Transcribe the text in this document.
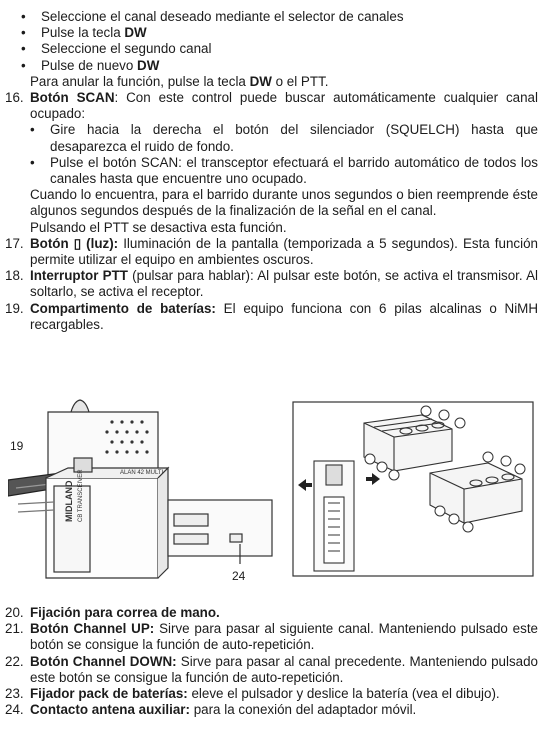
• Seleccione el canal deseado mediante el selector de canales
• Pulse la tecla DW
• Seleccione el segundo canal
• Pulse de nuevo DW
Para anular la función, pulse la tecla DW o el PTT.
16. Botón SCAN: Con este control puede buscar automáticamente cualquier canal ocupado:
• Gire hacia la derecha el botón del silenciador (SQUELCH) hasta que desaparezca el ruido de fondo.
• Pulse el botón SCAN: el transceptor efectuará el barrido automático de todos los canales hasta que encuentre uno ocupado.
Cuando lo encuentra, para el barrido durante unos segundos o bien reemprende éste algunos segundos después de la finalización de la señal en el canal.
Pulsando el PTT se desactiva esta función.
17. Botón ▯ (luz): Iluminación de la pantalla (temporizada a 5 segundos). Esta función permite utilizar el equipo en ambientes oscuros.
18. Interruptor PTT (pulsar para hablar): Al pulsar este botón, se activa el transmisor. Al soltarlo, se activa el receptor.
19. Compartimento de baterías: El equipo funciona con 6 pilas alcalinas o NiMH recargables.
19
24
MIDLAND CB TRANSCEIVER	ALAN 42 MULTI
20. Fijación para correa de mano.
21. Botón Channel UP: Sirve para pasar al siguiente canal. Manteniendo pulsado este botón se consigue la función de auto-repetición.
22. Botón Channel DOWN: Sirve para pasar al canal precedente. Manteniendo pulsado este botón se consigue la función de auto-repetición.
23. Fijador pack de baterías: eleve el pulsador y deslice la batería (vea el dibujo).
24. Contacto antena auxiliar: para la conexión del adaptador móvil.
